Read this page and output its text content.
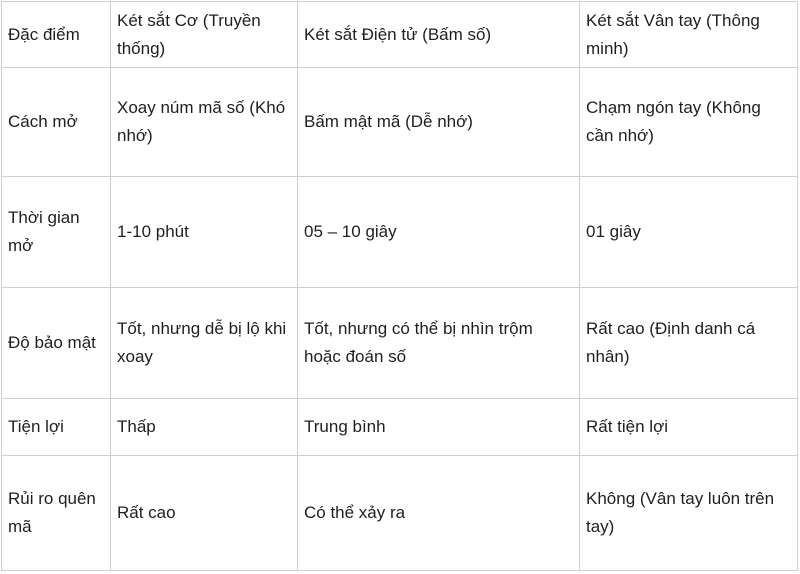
Đặc điểm	Két sắt Cơ (Truyền thống)	Két sắt Điện tử (Bấm số)	Két sắt Vân tay (Thông minh)
Cách mở	Xoay núm mã số (Khó nhớ)	Bấm mật mã (Dễ nhớ)	Chạm ngón tay (Không cần nhớ)
Thời gian mở	1-10 phút	05 – 10 giây	01 giây
Độ bảo mật	Tốt, nhưng dễ bị lộ khi xoay	Tốt, nhưng có thể bị nhìn trộm hoặc đoán số	Rất cao (Định danh cá nhân)
Tiện lợi	Thấp	Trung bình	Rất tiện lợi
Rủi ro quên mã	Rất cao	Có thể xảy ra	Không (Vân tay luôn trên tay)
